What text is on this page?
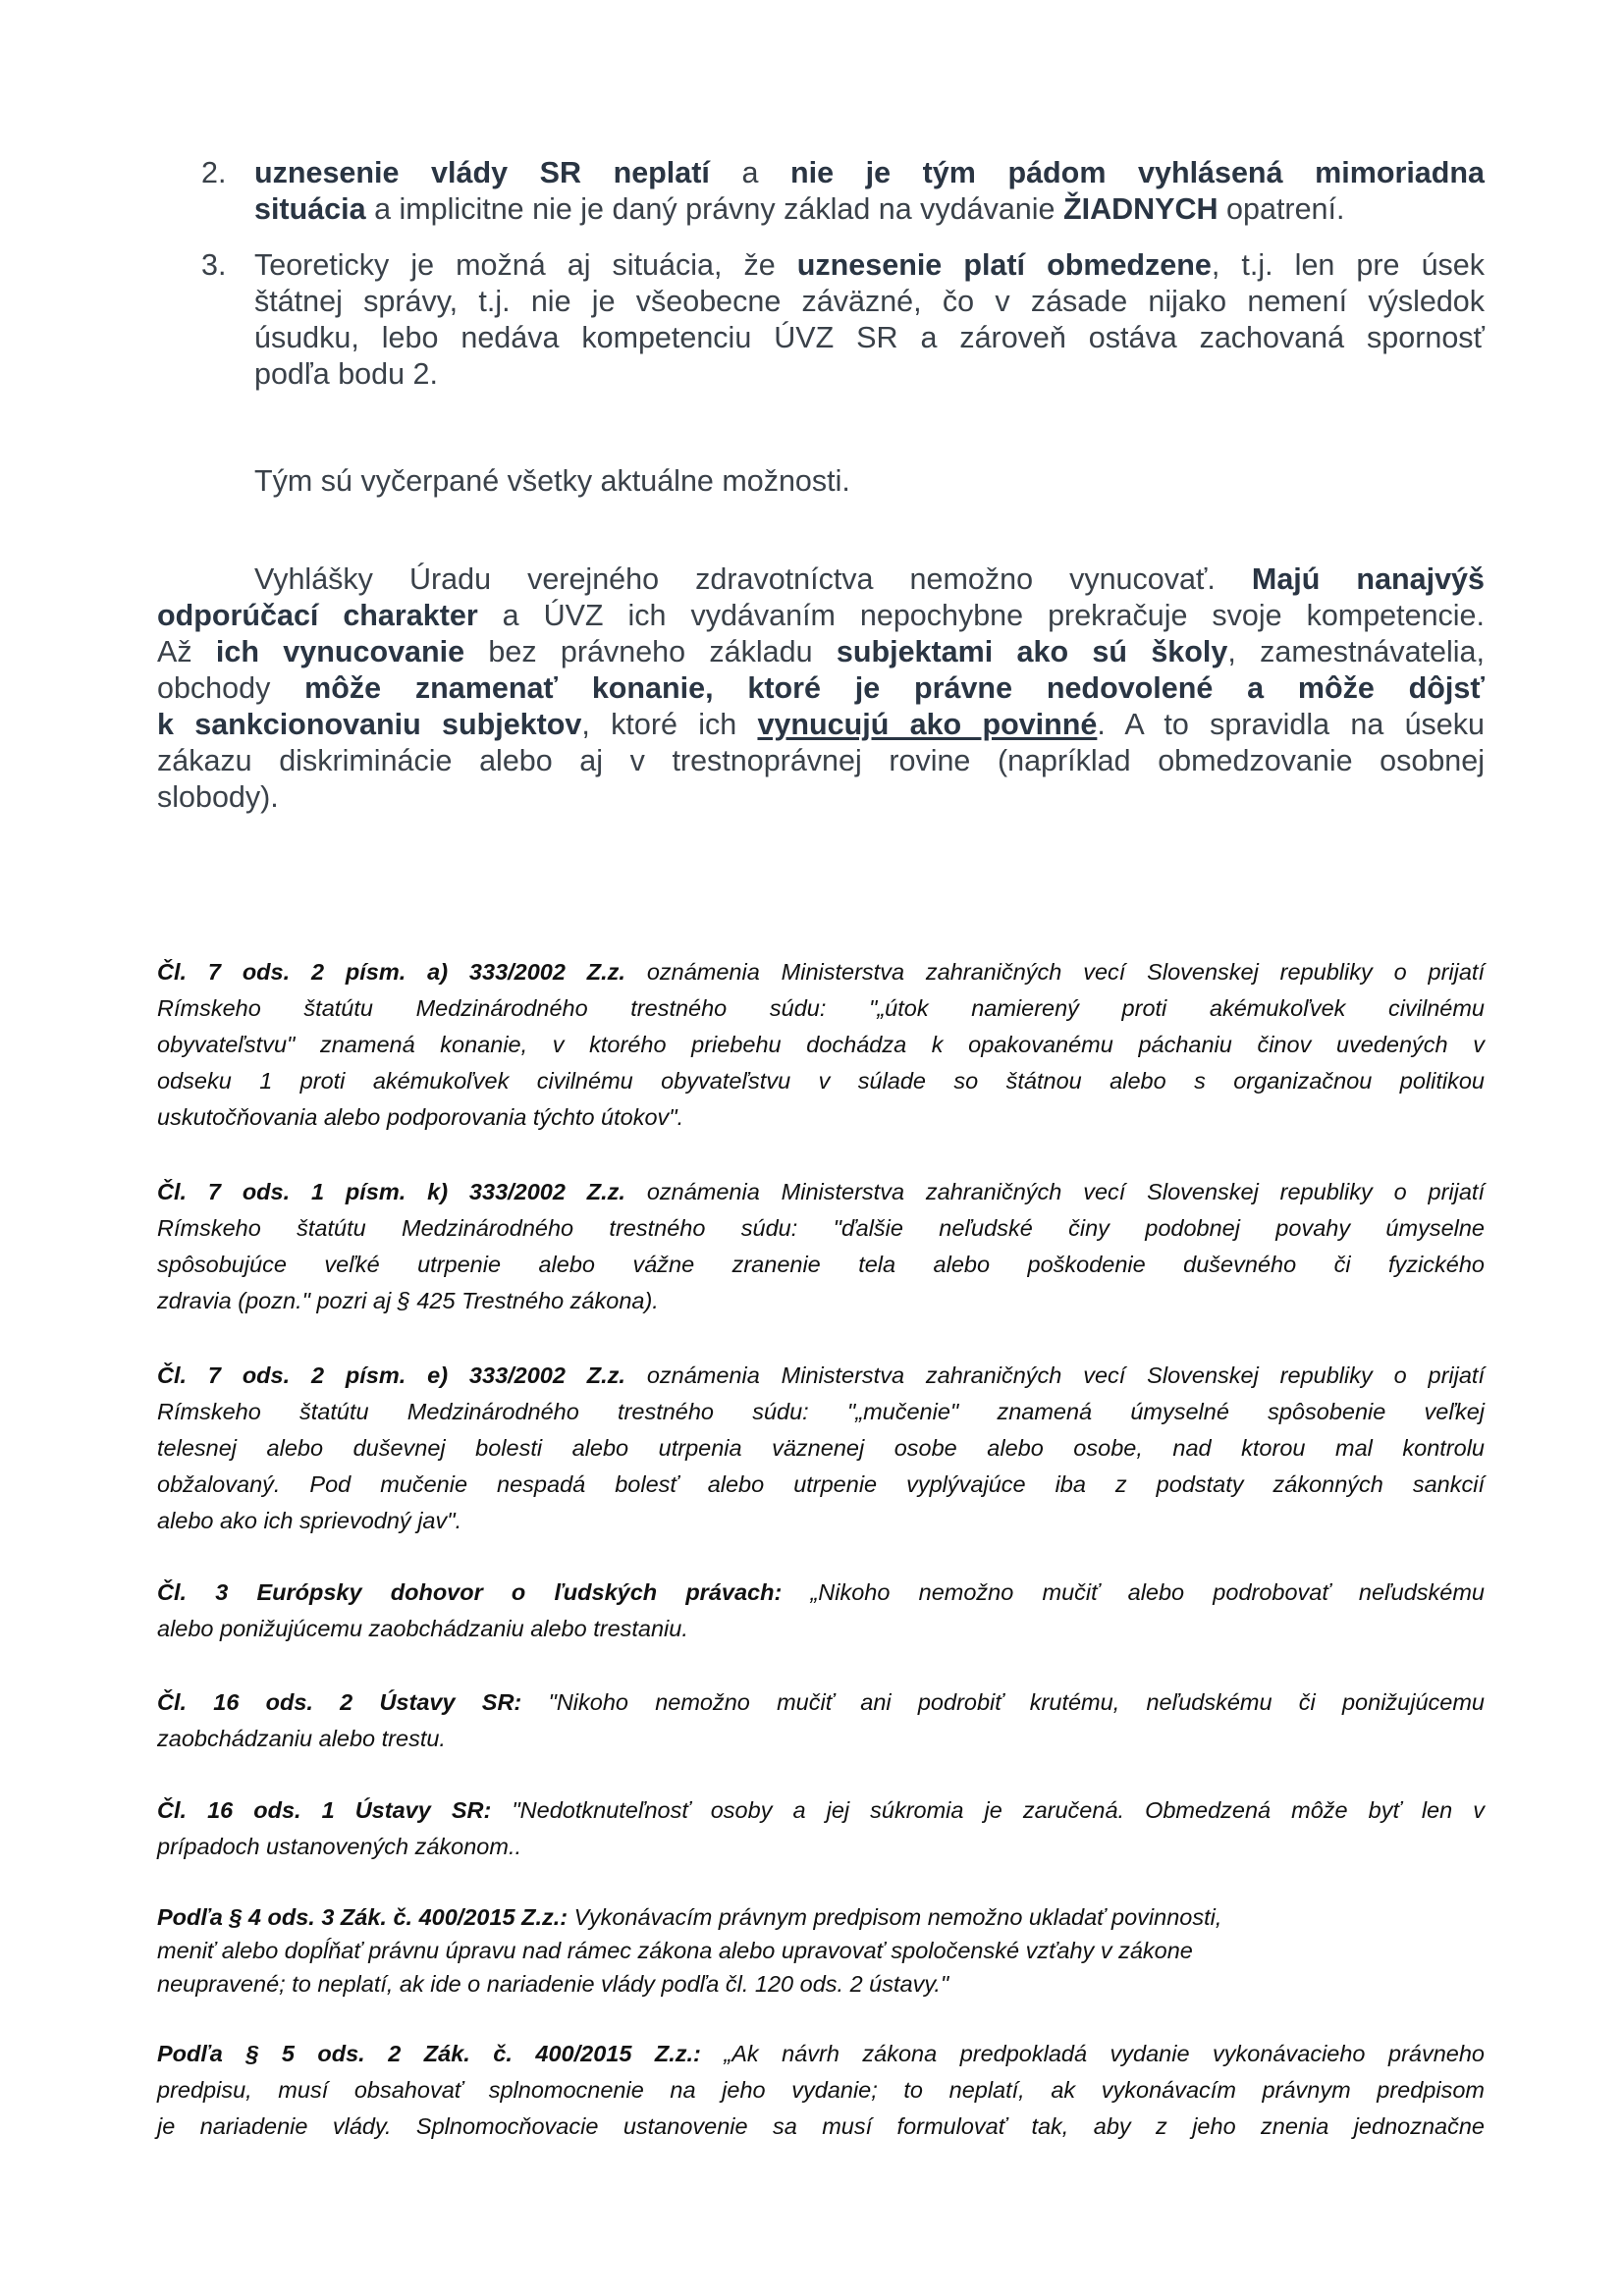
2. uznesenie vlády SR neplatí a nie je tým pádom vyhlásená mimoriadna
situácia a implicitne nie je daný právny základ na vydávanie ŽIADNYCH opatrení.
3. Teoreticky je možná aj situácia, že uznesenie platí obmedzene, t.j. len pre úsek
štátnej správy, t.j. nie je všeobecne záväzné, čo v zásade nijako nemení výsledok
úsudku, lebo nedáva kompetenciu ÚVZ SR a zároveň ostáva zachovaná spornosť
podľa bodu 2.
Tým sú vyčerpané všetky aktuálne možnosti.
Vyhlášky Úradu verejného zdravotníctva nemožno vynucovať. Majú nanajvýš
odporúčací charakter a ÚVZ ich vydávaním nepochybne prekračuje svoje kompetencie.
Až ich vynucovanie bez právneho základu subjektami ako sú školy, zamestnávatelia,
obchody môže znamenať konanie, ktoré je právne nedovolené a môže dôjsť
k sankcionovaniu subjektov, ktoré ich vynucujú ako povinné. A to spravidla na úseku
zákazu diskriminácie alebo aj v trestnoprávnej rovine (napríklad obmedzovanie osobnej
slobody).
Čl. 7 ods. 2 písm. a) 333/2002 Z.z. oznámenia Ministerstva zahraničných vecí Slovenskej republiky o prijatí
Rímskeho štatútu Medzinárodného trestného súdu: "„útok namierený proti akémukoľvek civilnému
obyvateľstvu" znamená konanie, v ktorého priebehu dochádza k opakovanému páchaniu činov uvedených v
odseku 1 proti akémukoľvek civilnému obyvateľstvu v súlade so štátnou alebo s organizačnou politikou
uskutočňovania alebo podporovania týchto útokov".
Čl. 7 ods. 1 písm. k) 333/2002 Z.z. oznámenia Ministerstva zahraničných vecí Slovenskej republiky o prijatí
Rímskeho štatútu Medzinárodného trestného súdu: "ďalšie neľudské činy podobnej povahy úmyselne
spôsobujúce veľké utrpenie alebo vážne zranenie tela alebo poškodenie duševného či fyzického
zdravia (pozn." pozri aj § 425 Trestného zákona).
Čl. 7 ods. 2 písm. e) 333/2002 Z.z. oznámenia Ministerstva zahraničných vecí Slovenskej republiky o prijatí
Rímskeho štatútu Medzinárodného trestného súdu: "„mučenie" znamená úmyselné spôsobenie veľkej
telesnej alebo duševnej bolesti alebo utrpenia väznenej osobe alebo osobe, nad ktorou mal kontrolu
obžalovaný. Pod mučenie nespadá bolesť alebo utrpenie vyplývajúce iba z podstaty zákonných sankcií
alebo ako ich sprievodný jav".
Čl. 3 Európsky dohovor o ľudských právach: „Nikoho nemožno mučiť alebo podrobovať neľudskému
alebo ponižujúcemu zaobchádzaniu alebo trestaniu.
Čl. 16 ods. 2 Ústavy SR: "Nikoho nemožno mučiť ani podrobiť krutému, neľudskému či ponižujúcemu
zaobchádzaniu alebo trestu.
Čl. 16 ods. 1 Ústavy SR: "Nedotknuteľnosť osoby a jej súkromia je zaručená. Obmedzená môže byť len v
prípadoch ustanovených zákonom..
Podľa § 4 ods. 3 Zák. č. 400/2015 Z.z.: Vykonávacím právnym predpisom nemožno ukladať povinnosti,
meniť alebo dopĺňať právnu úpravu nad rámec zákona alebo upravovať spoločenské vzťahy v zákone
neupravené; to neplatí, ak ide o nariadenie vlády podľa čl. 120 ods. 2 ústavy."
Podľa § 5 ods. 2 Zák. č. 400/2015 Z.z.: „Ak návrh zákona predpokladá vydanie vykonávacieho právneho
predpisu, musí obsahovať splnomocnenie na jeho vydanie; to neplatí, ak vykonávacím právnym predpisom
je nariadenie vlády. Splnomocňovacie ustanovenie sa musí formulovať tak, aby z jeho znenia jednoznačne
